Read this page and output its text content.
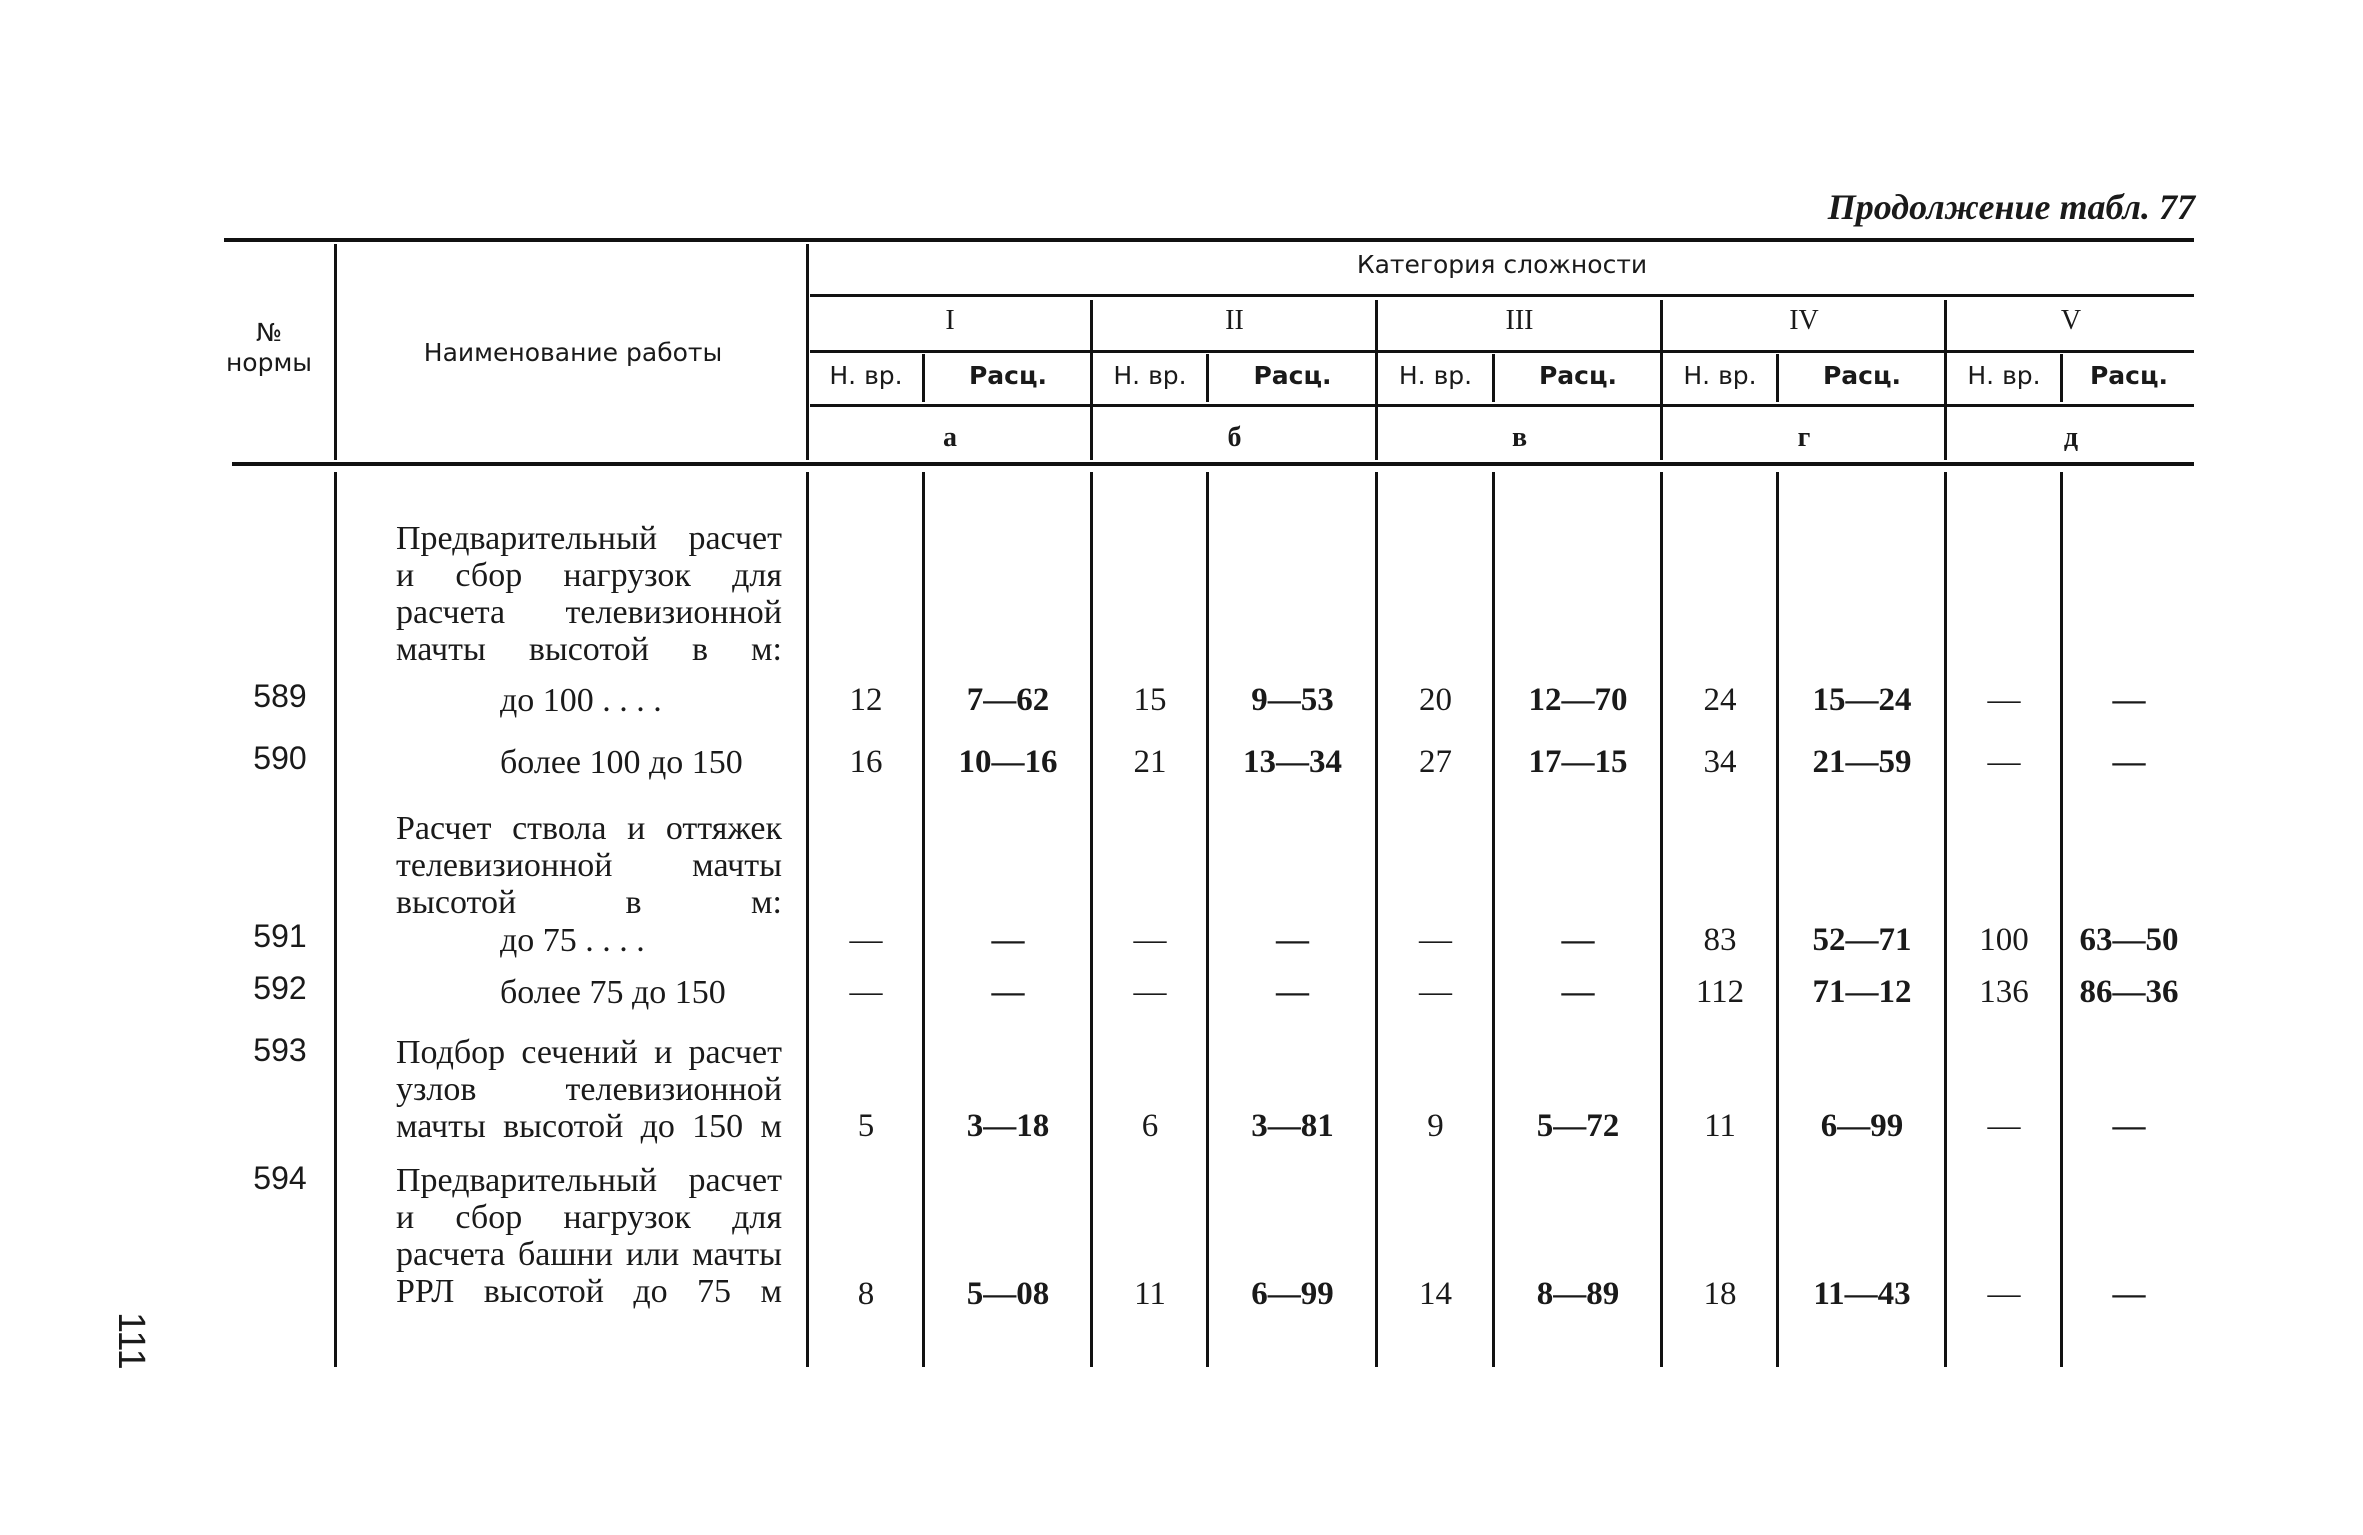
Продолжение табл. 77
№
нормы	Наименование работы
Категория сложности
I	II	III	IV	V
Н. вр.	Расц.	Н. вр.	Расц.	Н. вр.	Расц.	Н. вр.	Расц.	Н. вр.	Расц.
а	б	в	г	д
Предварительный расчет и сбор нагрузок для расчета телевизионной мачты высотой в м:
589	до 100 . . . .	12	7—62	15	9—53	20	12—70	24	15—24	—	—
590	более 100 до 150	16	10—16	21	13—34	27	17—15	34	21—59	—	—
Расчет ствола и оттяжек телевизионной мачты высотой в м:
591	до 75 . . . .	—	—	—	—	—	—	83	52—71	100	63—50
592	более 75 до 150	—	—	—	—	—	—	112	71—12	136	86—36
593	Подбор сечений и расчет узлов телевизионной мачты высотой до 150 м	5	3—18	6	3—81	9	5—72	11	6—99	—	—
594	Предварительный расчет и сбор нагрузок для расчета башни или мачты РРЛ высотой до 75 м	8	5—08	11	6—99	14	8—89	18	11—43	—	—
111
